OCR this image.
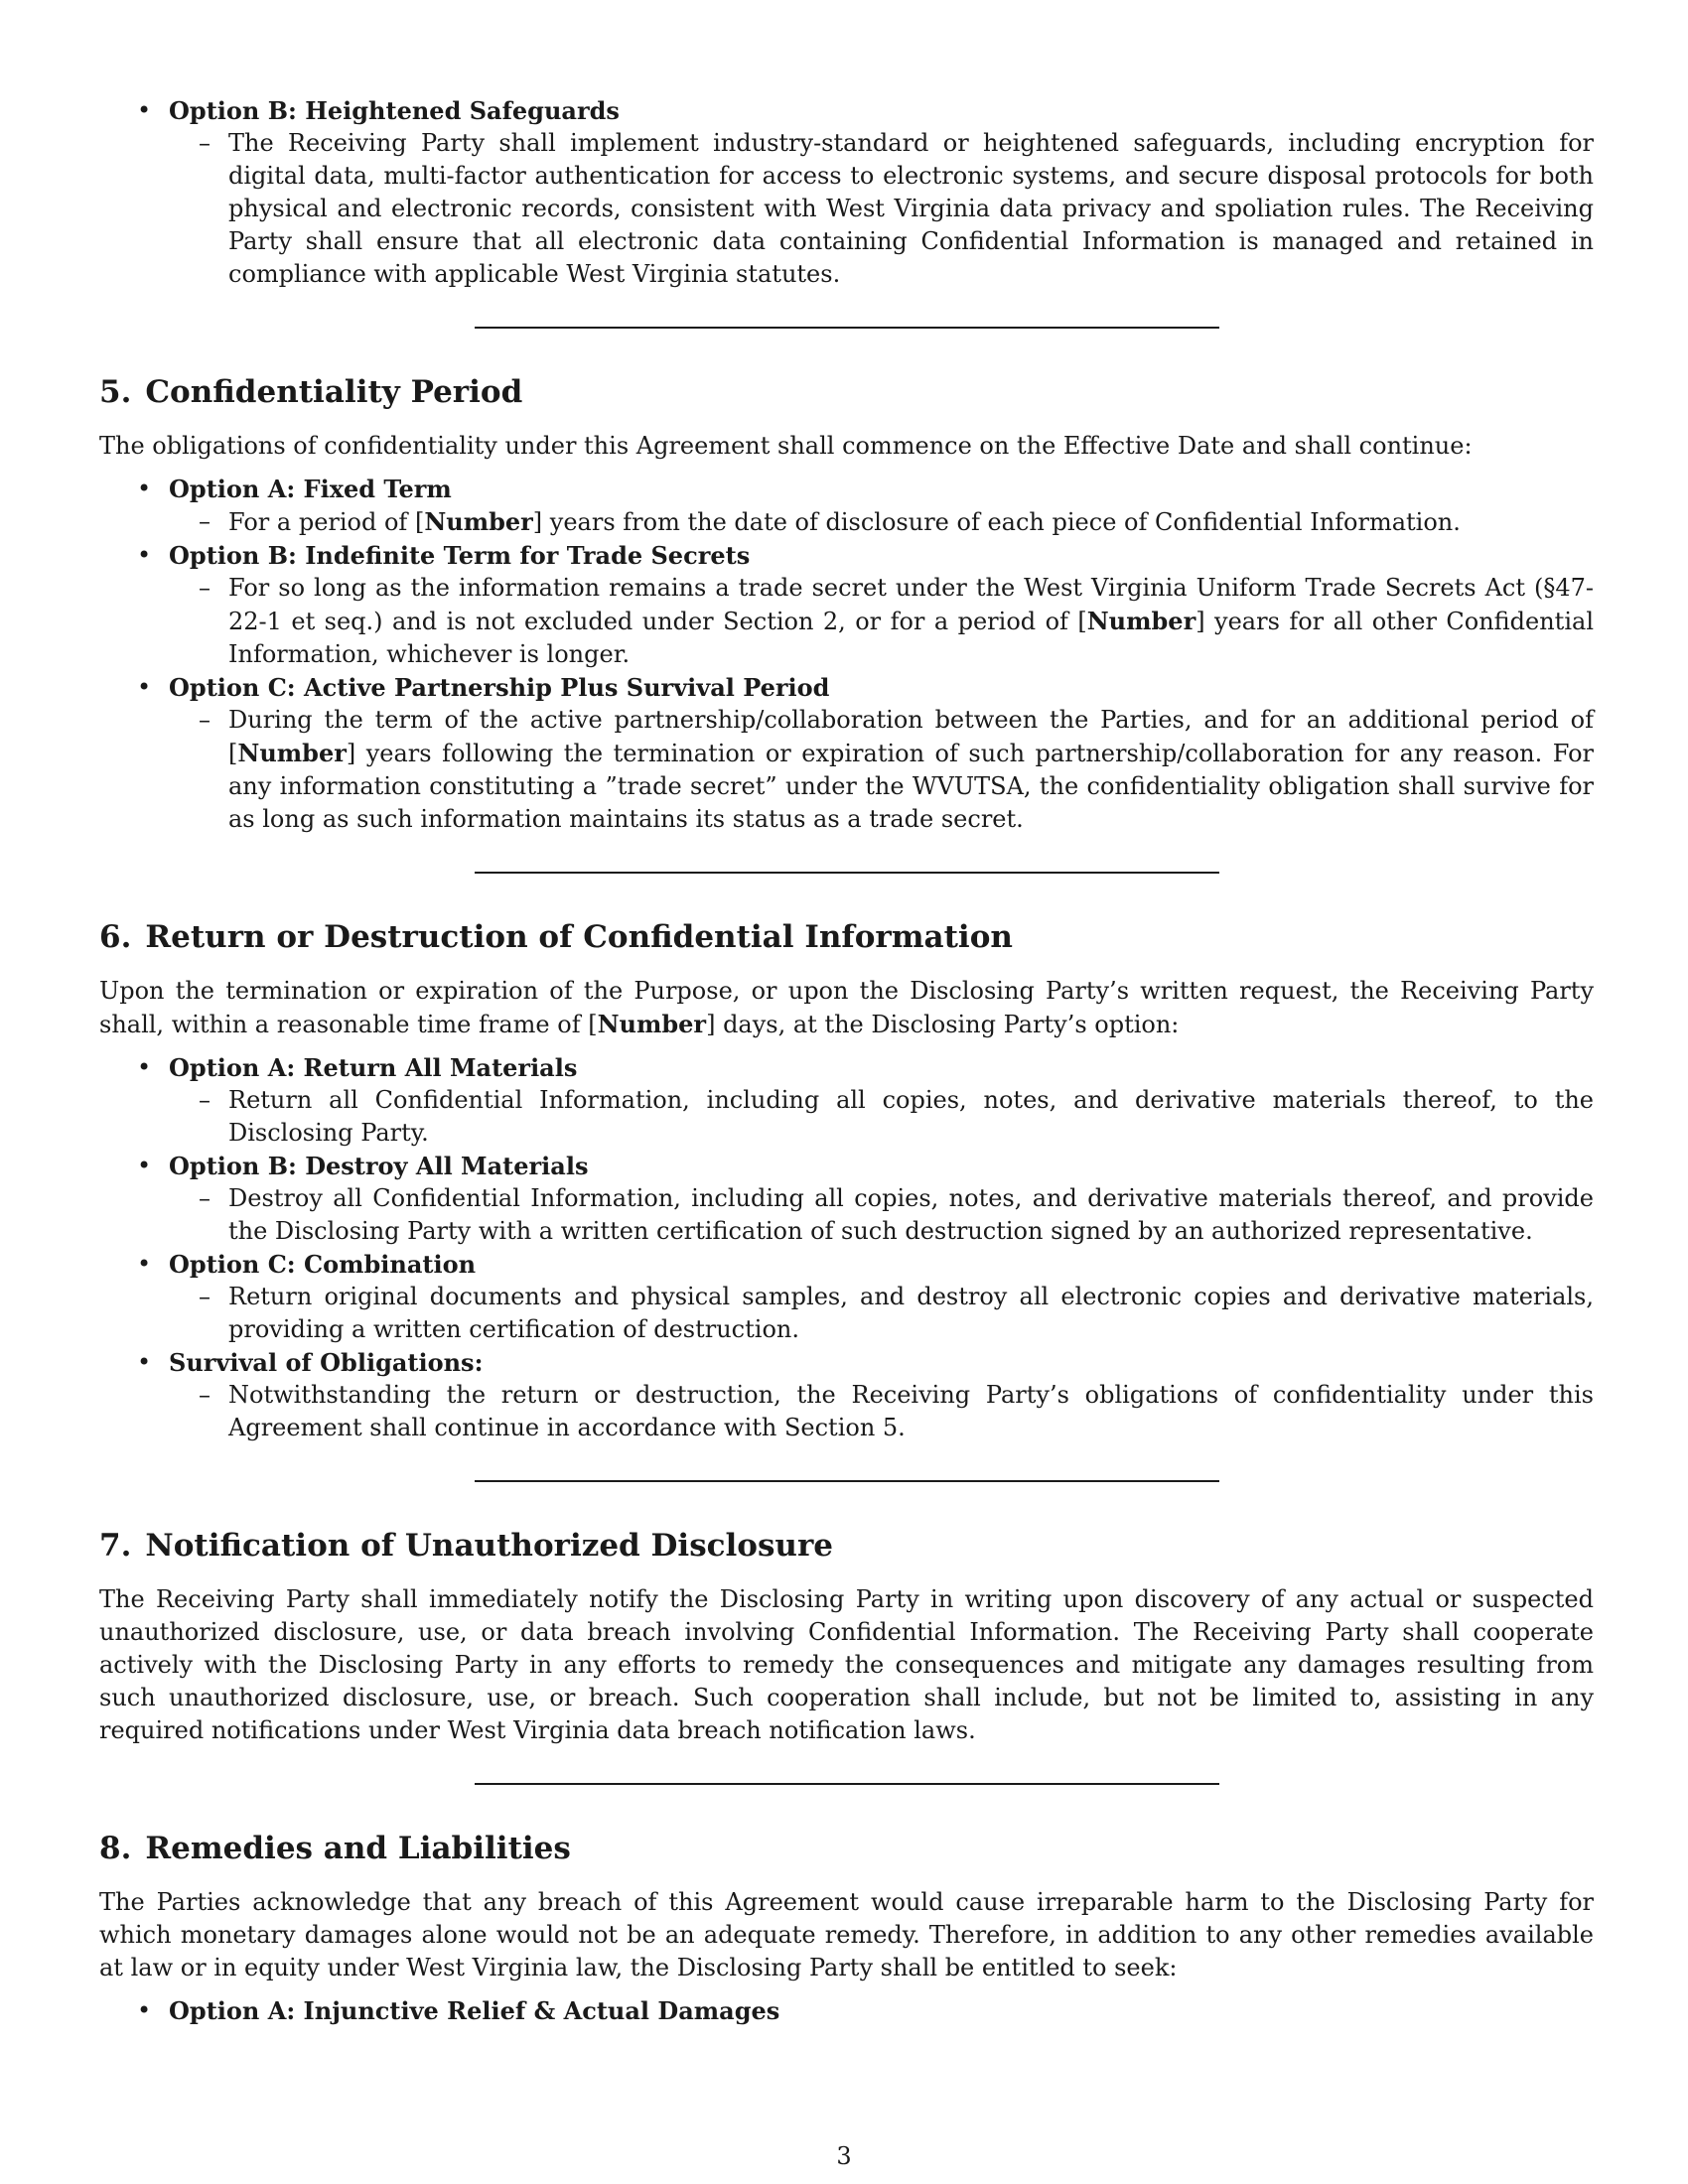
• Option B: Heightened Safeguards
– The Receiving Party shall implement industry-standard or heightened safeguards, including encryption for digital data, multi-factor authentication for access to electronic systems, and secure disposal protocols for both physical and electronic records, consistent with West Virginia data privacy and spoliation rules. The Receiving Party shall ensure that all electronic data containing Confidential Information is managed and retained in compliance with applicable West Virginia statutes.
5. Confidentiality Period

The obligations of confidentiality under this Agreement shall commence on the Effective Date and shall continue:

• Option A: Fixed Term
– For a period of [Number] years from the date of disclosure of each piece of Confidential Information.
• Option B: Indefinite Term for Trade Secrets
– For so long as the information remains a trade secret under the West Virginia Uniform Trade Secrets Act (§47-22-1 et seq.) and is not excluded under Section 2, or for a period of [Number] years for all other Confidential Information, whichever is longer.
• Option C: Active Partnership Plus Survival Period
– During the term of the active partnership/collaboration between the Parties, and for an additional period of [Number] years following the termination or expiration of such partnership/collaboration for any reason. For any information constituting a ”trade secret” under the WVUTSA, the confidentiality obligation shall survive for as long as such information maintains its status as a trade secret.
6. Return or Destruction of Confidential Information

Upon the termination or expiration of the Purpose, or upon the Disclosing Party’s written request, the Receiving Party shall, within a reasonable time frame of [Number] days, at the Disclosing Party’s option:

• Option A: Return All Materials
– Return all Confidential Information, including all copies, notes, and derivative materials thereof, to the Disclosing Party.
• Option B: Destroy All Materials
– Destroy all Confidential Information, including all copies, notes, and derivative materials thereof, and provide the Disclosing Party with a written certification of such destruction signed by an authorized representative.
• Option C: Combination
– Return original documents and physical samples, and destroy all electronic copies and derivative materials, providing a written certification of destruction.
• Survival of Obligations:
– Notwithstanding the return or destruction, the Receiving Party’s obligations of confidentiality under this Agreement shall continue in accordance with Section 5.
7. Notification of Unauthorized Disclosure

The Receiving Party shall immediately notify the Disclosing Party in writing upon discovery of any actual or suspected unauthorized disclosure, use, or data breach involving Confidential Information. The Receiving Party shall cooperate actively with the Disclosing Party in any efforts to remedy the consequences and mitigate any damages resulting from such unauthorized disclosure, use, or breach. Such cooperation shall include, but not be limited to, assisting in any required notifications under West Virginia data breach notification laws.

8. Remedies and Liabilities

The Parties acknowledge that any breach of this Agreement would cause irreparable harm to the Disclosing Party for which monetary damages alone would not be an adequate remedy. Therefore, in addition to any other remedies available at law or in equity under West Virginia law, the Disclosing Party shall be entitled to seek:

• Option A: Injunctive Relief & Actual Damages
3
